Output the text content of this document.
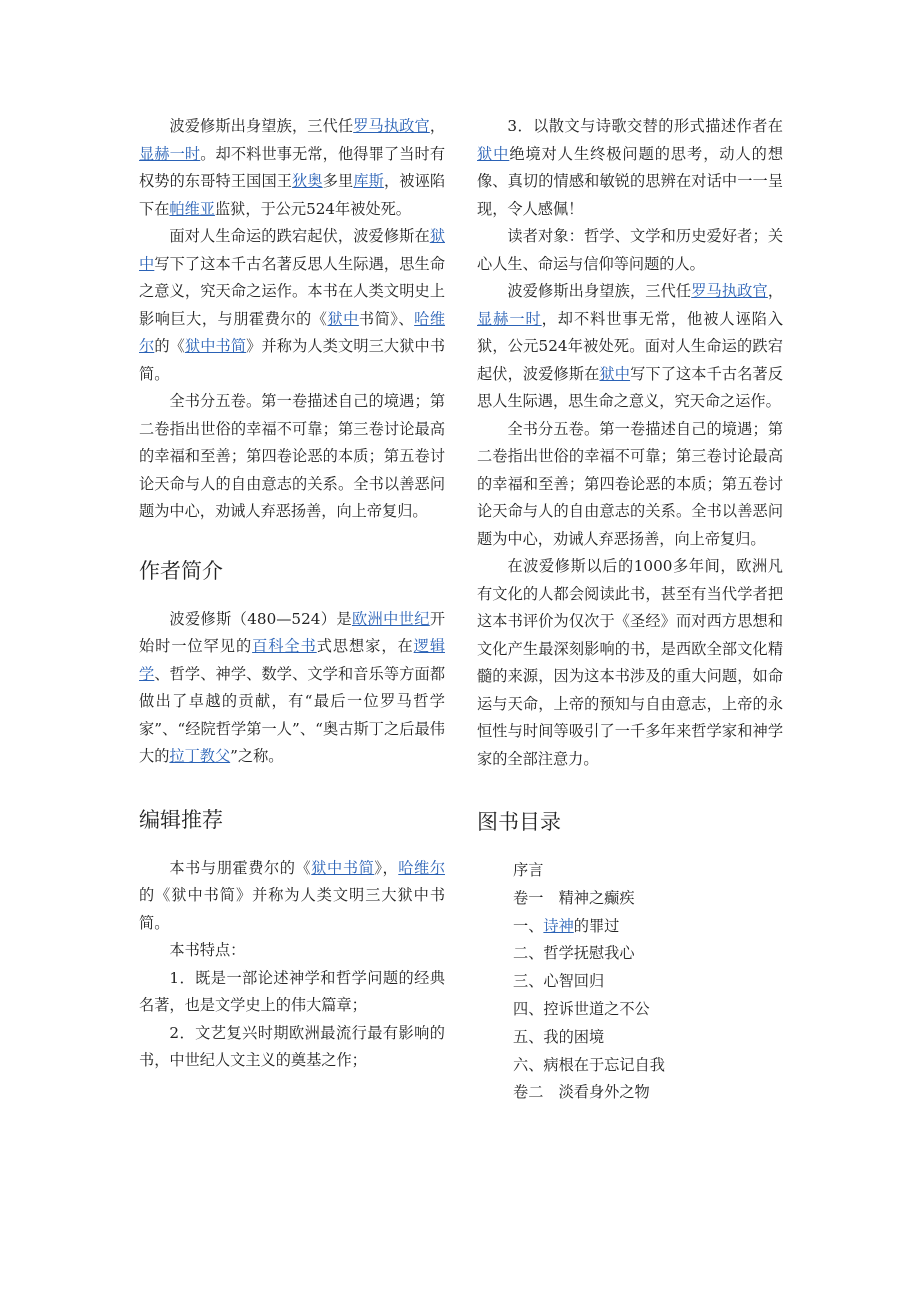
波爱修斯出身望族，三代任罗马执政官，显赫一时。却不料世事无常，他得罪了当时有权势的东哥特王国国王狄奥多里库斯，被诬陷下在帕维亚监狱，于公元524年被处死。

面对人生命运的跌宕起伏，波爱修斯在狱中写下了这本千古名著反思人生际遇，思生命之意义，究天命之运作。本书在人类文明史上影响巨大，与朋霍费尔的《狱中书简》、哈维尔的《狱中书简》并称为人类文明三大狱中书简。

全书分五卷。第一卷描述自己的境遇；第二卷指出世俗的幸福不可靠；第三卷讨论最高的幸福和至善；第四卷论恶的本质；第五卷讨论天命与人的自由意志的关系。全书以善恶问题为中心，劝诫人弃恶扬善，向上帝复归。

作者简介

波爱修斯（480—524）是欧洲中世纪开始时一位罕见的百科全书式思想家，在逻辑学、哲学、神学、数学、文学和音乐等方面都做出了卓越的贡献，有“最后一位罗马哲学家”、“经院哲学第一人”、“奥古斯丁之后最伟大的拉丁教父”之称。

编辑推荐

本书与朋霍费尔的《狱中书简》，哈维尔的《狱中书简》并称为人类文明三大狱中书简。

本书特点：

1．既是一部论述神学和哲学问题的经典名著，也是文学史上的伟大篇章；

2．文艺复兴时期欧洲最流行最有影响的书，中世纪人文主义的奠基之作；

3．以散文与诗歌交替的形式描述作者在狱中绝境对人生终极问题的思考，动人的想像、真切的情感和敏锐的思辨在对话中一一呈现，令人感佩！

读者对象：哲学、文学和历史爱好者；关心人生、命运与信仰等问题的人。

波爱修斯出身望族，三代任罗马执政官，显赫一时，却不料世事无常，他被人诬陷入狱，公元524年被处死。面对人生命运的跌宕起伏，波爱修斯在狱中写下了这本千古名著反思人生际遇，思生命之意义，究天命之运作。

全书分五卷。第一卷描述自己的境遇；第二卷指出世俗的幸福不可靠；第三卷讨论最高的幸福和至善；第四卷论恶的本质；第五卷讨论天命与人的自由意志的关系。全书以善恶问题为中心，劝诫人弃恶扬善，向上帝复归。

在波爱修斯以后的1000多年间，欧洲凡有文化的人都会阅读此书，甚至有当代学者把这本书评价为仅次于《圣经》而对西方思想和文化产生最深刻影响的书，是西欧全部文化精髓的来源，因为这本书涉及的重大问题，如命运与天命，上帝的预知与自由意志，上帝的永恒性与时间等吸引了一千多年来哲学家和神学家的全部注意力。

图书目录
序言
卷一　精神之癫疾
一、诗神的罪过
二、哲学抚慰我心
三、心智回归
四、控诉世道之不公
五、我的困境
六、病根在于忘记自我
卷二　淡看身外之物
